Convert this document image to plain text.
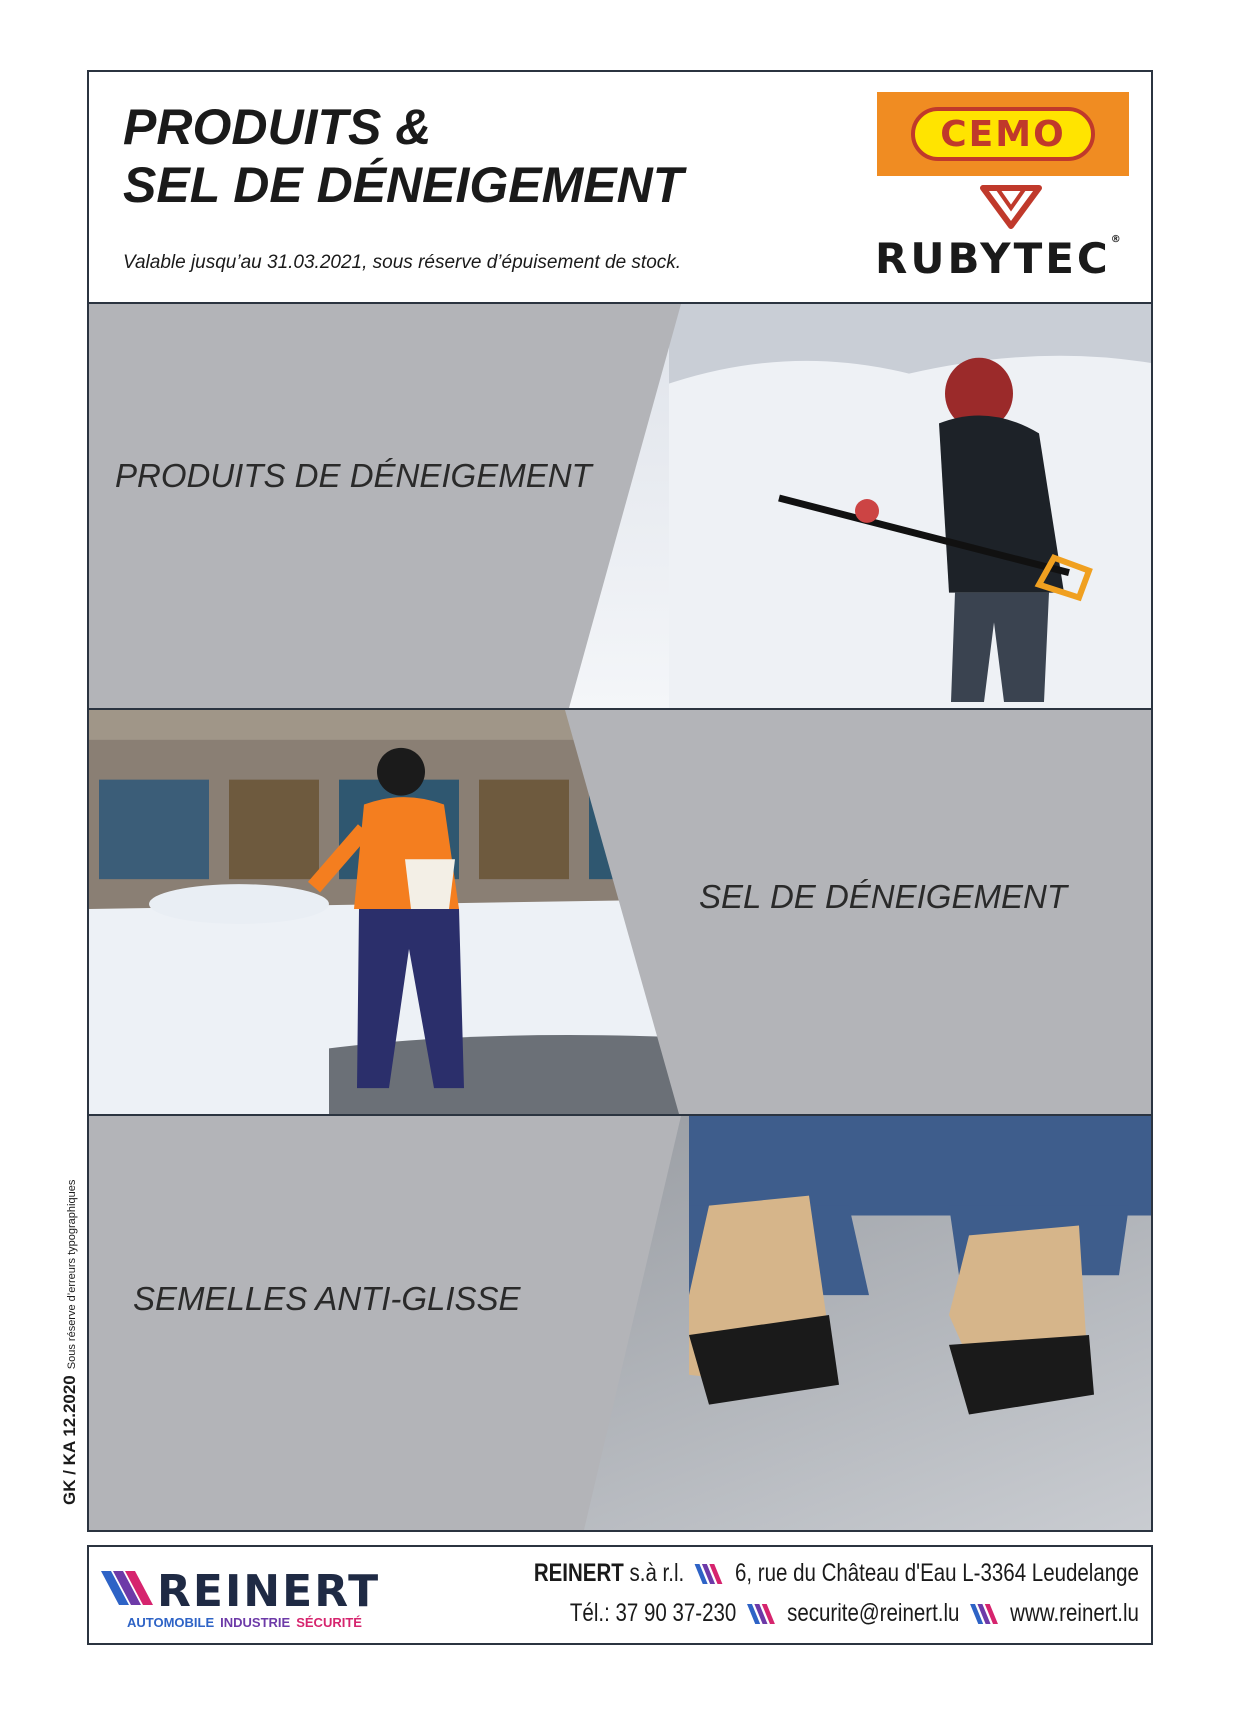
PRODUITS &
SEL DE DÉNEIGEMENT
Valable jusqu’au 31.03.2021, sous réserve d’épuisement de stock.
CEMO
RUBYTEC®
PRODUITS DE DÉNEIGEMENT
SEL DE DÉNEIGEMENT
SEMELLES ANTI-GLISSE
GK / KA 12.2020Sous réserve d’erreurs typographiques
REINERT
AUTOMOBILE INDUSTRIE SÉCURITÉ
REINERT s.à r.l. 6, rue du Château d'Eau L-3364 Leudelange
Tél.: 37 90 37-230 securite@reinert.lu www.reinert.lu
